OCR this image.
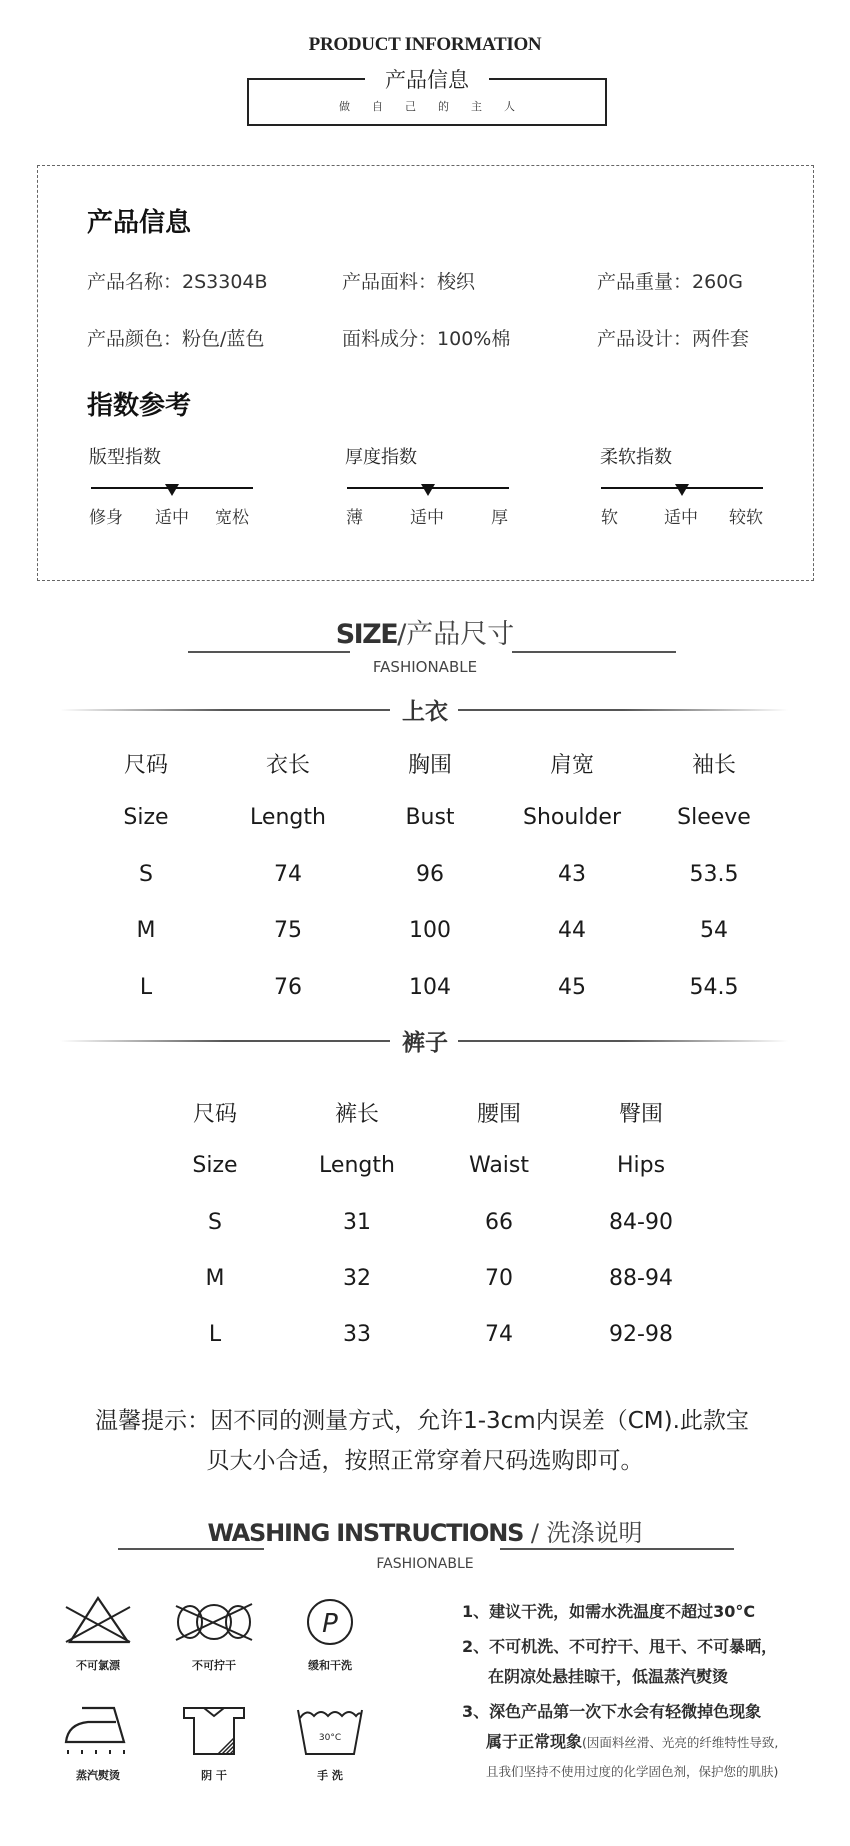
PRODUCT INFORMATION
产品信息
做自己的主人
产品信息
产品名称：2S3304B	产品面料：梭织	产品重量：260G
产品颜色：粉色/蓝色	面料成分：100%棉	产品设计：两件套
指数参考
版型指数
修身 适中 宽松
厚度指数
薄	适中	厚
柔软指数
软	适中 较软
SIZE/产品尺寸
FASHIONABLE
上衣
尺码	衣长	胸围	肩宽	袖长
Size	Length	Bust	Shoulder	Sleeve
S	74	96	43	53.5
M	75	100	44	54
L	76	104	45	54.5
裤子
尺码	裤长	腰围	臀围
Size	Length	Waist	Hips
S	31	66	84-90
M	32	70	88-94
L	33	74	92-98
温馨提示：因不同的测量方式，允许1-3cm内误差（CM).此款宝
贝大小合适，按照正常穿着尺码选购即可。
WASHING INSTRUCTIONS / 洗涤说明
FASHIONABLE
不可氯漂	不可拧干
P
缓和干洗
蒸汽熨烫	阴 干
30°C
手 洗
1、建议干洗，如需水洗温度不超过30°C
2、不可机洗、不可拧干、甩干、不可暴晒，
在阴凉处悬挂晾干，低温蒸汽熨烫
3、深色产品第一次下水会有轻微掉色现象
属于正常现象(因面料丝滑、光亮的纤维特性导致,
且我们坚持不使用过度的化学固色剂，保护您的肌肤)
